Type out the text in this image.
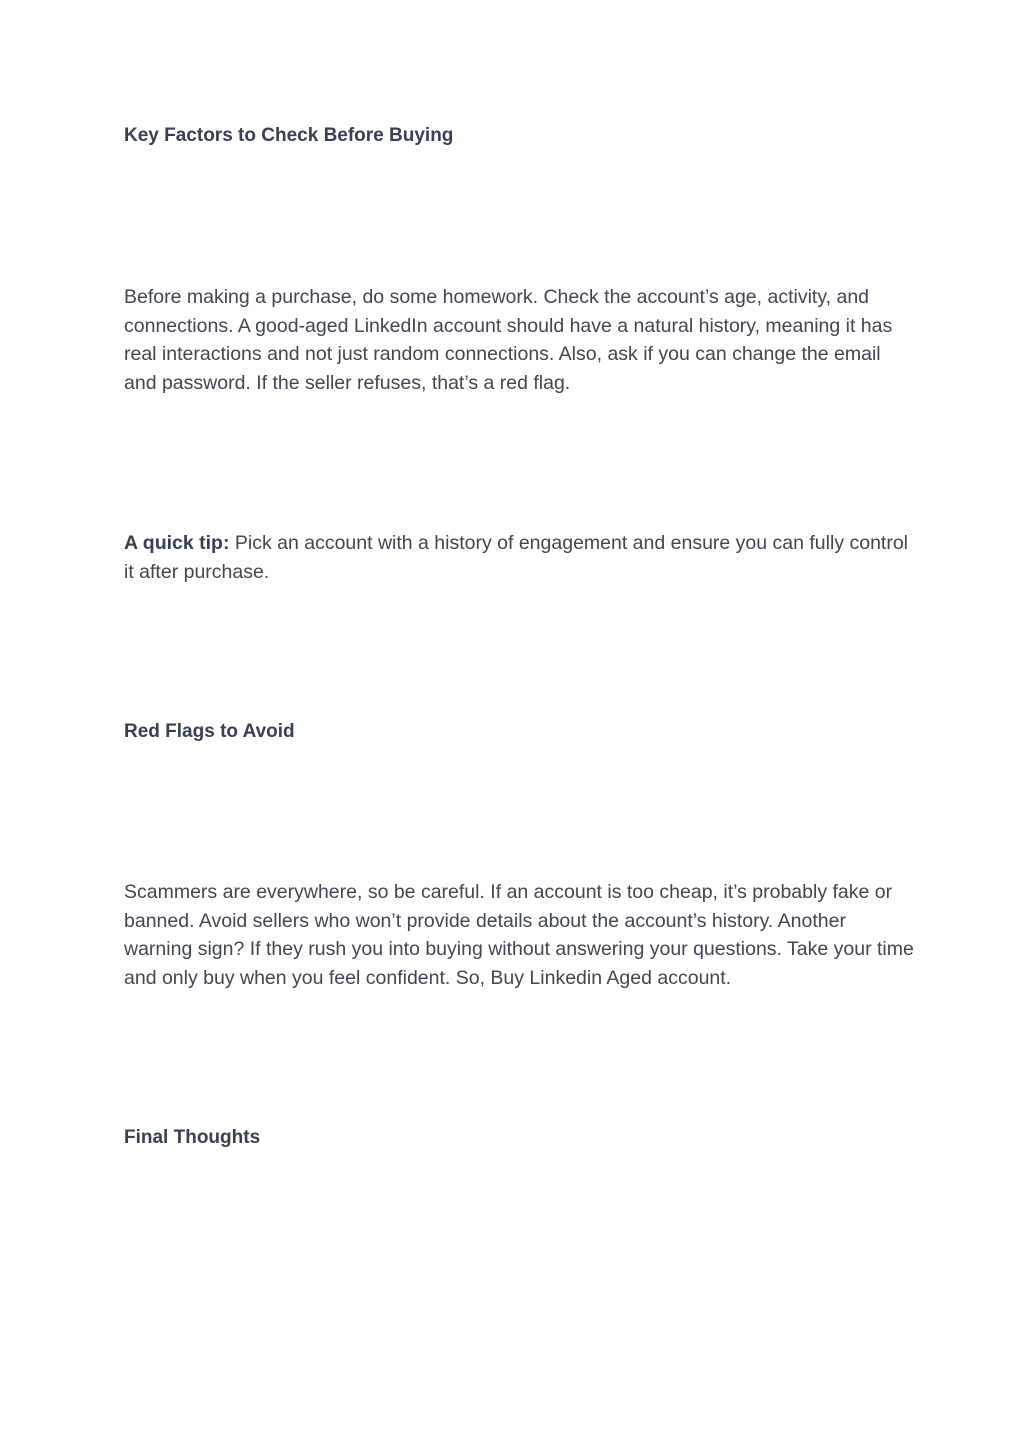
Key Factors to Check Before Buying

Before making a purchase, do some homework. Check the account’s age, activity, and connections. A good-aged LinkedIn account should have a natural history, meaning it has real interactions and not just random connections. Also, ask if you can change the email and password. If the seller refuses, that’s a red flag.

A quick tip: Pick an account with a history of engagement and ensure you can fully control it after purchase.

Red Flags to Avoid

Scammers are everywhere, so be careful. If an account is too cheap, it’s probably fake or banned. Avoid sellers who won’t provide details about the account’s history. Another warning sign? If they rush you into buying without answering your questions. Take your time and only buy when you feel confident. So, Buy Linkedin Aged account.

Final Thoughts
